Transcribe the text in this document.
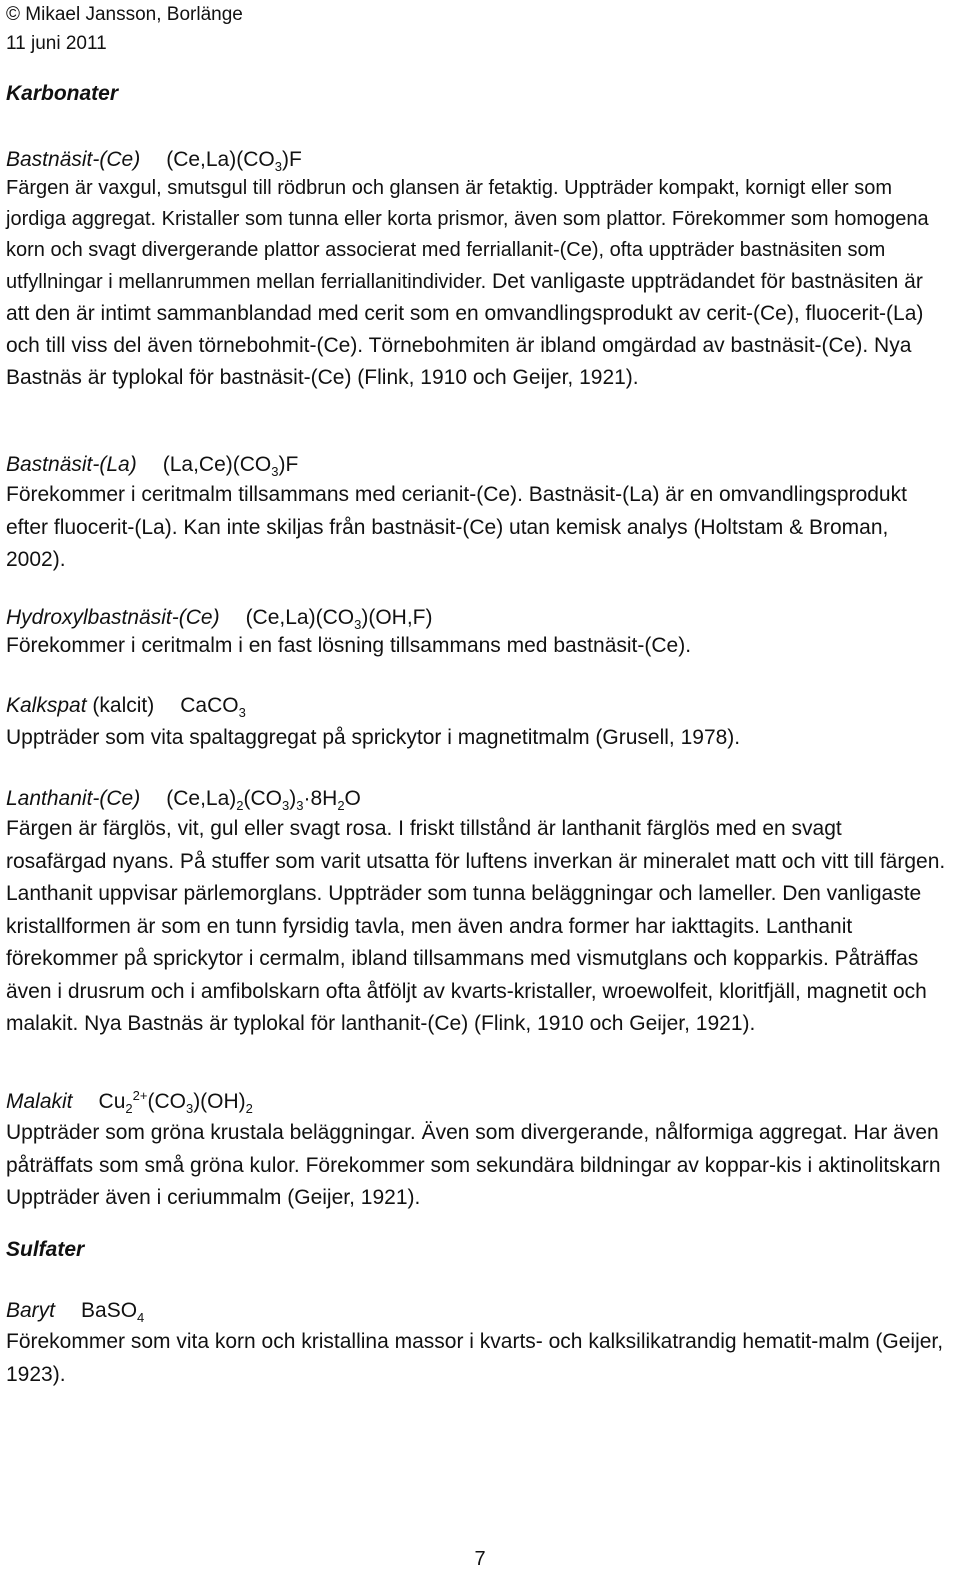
© Mikael Jansson, Borlänge
11 juni 2011
Karbonater
Bastnäsit-(Ce) $(Ce,La)(CO_3)F$
Färgen är vaxgul, smutsgul till rödbrun och glansen är fetaktig. Uppträder kompakt, kornigt eller som jordiga aggregat. Kristaller som tunna eller korta prismor, även som plattor. Förekommer som homogena korn och svagt divergerande plattor associerat med ferriallanit-(Ce), ofta uppträder bastnäsiten som utfyllningar i mellanrummen mellan ferriallanitindivider. Det vanligaste uppträdandet för bastnäsiten är att den är intimt sammanblandad med cerit som en omvandlingsprodukt av cerit-(Ce), fluocerit-(La) och till viss del även törnebohmit-(Ce). Törnebohmiten är ibland omgärdad av bastnäsit-(Ce). Nya Bastnäs är typlokal för bastnäsit-(Ce) (Flink, 1910 och Geijer, 1921).
Bastnäsit-(La) $(La,Ce)(CO_3)F$
Förekommer i ceritmalm tillsammans med cerianit-(Ce). Bastnäsit-(La) är en omvandlingsprodukt efter fluocerit-(La). Kan inte skiljas från bastnäsit-(Ce) utan kemisk analys (Holtstam & Broman, 2002).
Hydroxylbastnäsit-(Ce) $(Ce,La)(CO_3)(OH,F)$
Förekommer i ceritmalm i en fast lösning tillsammans med bastnäsit-(Ce).
Kalkspat (kalcit) CaCO$_3$
Uppträder som vita spaltaggregat på sprickytor i magnetitmalm (Grusell, 1978).
Lanthanit-(Ce) $(Ce,La)_2(CO_3)_3\cdot 8H_2O$
Färgen är färglös, vit, gul eller svagt rosa. I friskt tillstånd är lanthanit färglös med en svagt rosafärgad nyans. På stuffer som varit utsatta för luftens inverkan är mineralet matt och vitt till färgen. Lanthanit uppvisar pärlemorglans. Uppträder som tunna beläggningar och lameller. Den vanligaste kristallformen är som en tunn fyrsidig tavla, men även andra former har iakttagits. Lanthanit förekommer på sprickytor i cermalm, ibland tillsammans med vismutglans och kopparkis. Påträffas även i drusrum och i amfibolskarn ofta åtföljt av kvarts-kristaller, wroewolfeit, kloritfjäll, magnetit och malakit. Nya Bastnäs är typlokal för lanthanit-(Ce) (Flink, 1910 och Geijer, 1921).
Malakit $Cu_2^{2+}(CO_3)(OH)_2$
Uppträder som gröna krustala beläggningar. Även som divergerande, nålformiga aggregat. Har även påträffats som små gröna kulor. Förekommer som sekundära bildningar av koppar-kis i aktinolitskarn Uppträder även i ceriummalm (Geijer, 1921).
Sulfater
Baryt BaSO$_4$
Förekommer som vita korn och kristallina massor i kvarts- och kalksilikatrandig hematit-malm (Geijer, 1923).
7
